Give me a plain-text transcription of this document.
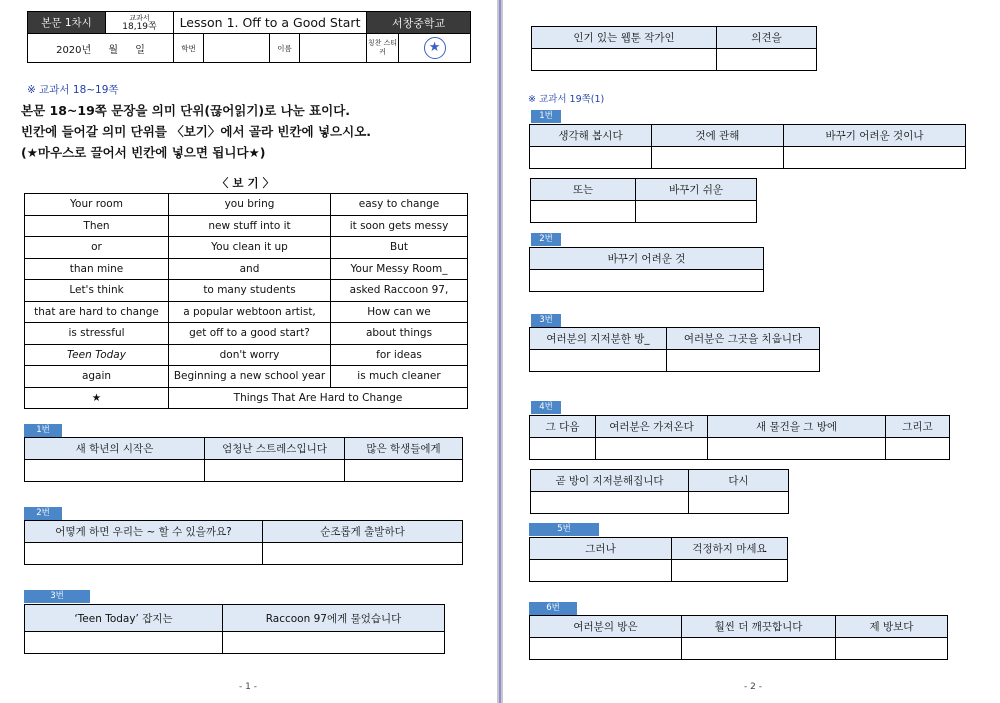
본문 1차시	교과서
18,19쪽	Lesson 1. Off to a Good Start				서창중학교	
2020년 월 일		학번		이름		칭찬 스티커	★
※ 교과서 18~19쪽
본문 18~19쪽 문장을 의미 단위(끊어읽기)로 나눈 표이다.
빈칸에 들어갈 의미 단위를 〈보기〉에서 골라 빈칸에 넣으시오.
(★마우스로 끌어서 빈칸에 넣으면 됩니다★)
〈 보 기 〉
Your room	you bring	easy to change
Then	new stuff into it	it soon gets messy
or	You clean it up	But
than mine	and	Your Messy Room_
Let's think	to many students	asked Raccoon 97,
that are hard to change	a popular webtoon artist,	How can we
is stressful	get off to a good start?	about things
Teen Today	don't worry	for ideas
again	Beginning a new school year	is much cleaner
★	Things That Are Hard to Change	
1번
새 학년의 시작은	엄청난 스트레스입니다	많은 학생들에게

2번
어떻게 하면 우리는 ~ 할 수 있을까요?	순조롭게 출발하다

3번
‘Teen Today’ 잡지는	Raccoon 97에게 물었습니다

- 1 -
인기 있는 웹툰 작가인	의견을

※ 교과서 19쪽(1)
1번
생각해 봅시다	것에 관해	바꾸기 어려운 것이나

또는	바꾸기 쉬운

2번
바꾸기 어려운 것

3번
여러분의 지저분한 방_	여러분은 그곳을 치웁니다

4번
그 다음	여러분은 가져온다	새 물건을 그 방에	그리고

곧 방이 지저분해집니다	다시

5번
그러나	걱정하지 마세요

6번
여러분의 방은	훨씬 더 깨끗합니다	제 방보다

- 2 -
